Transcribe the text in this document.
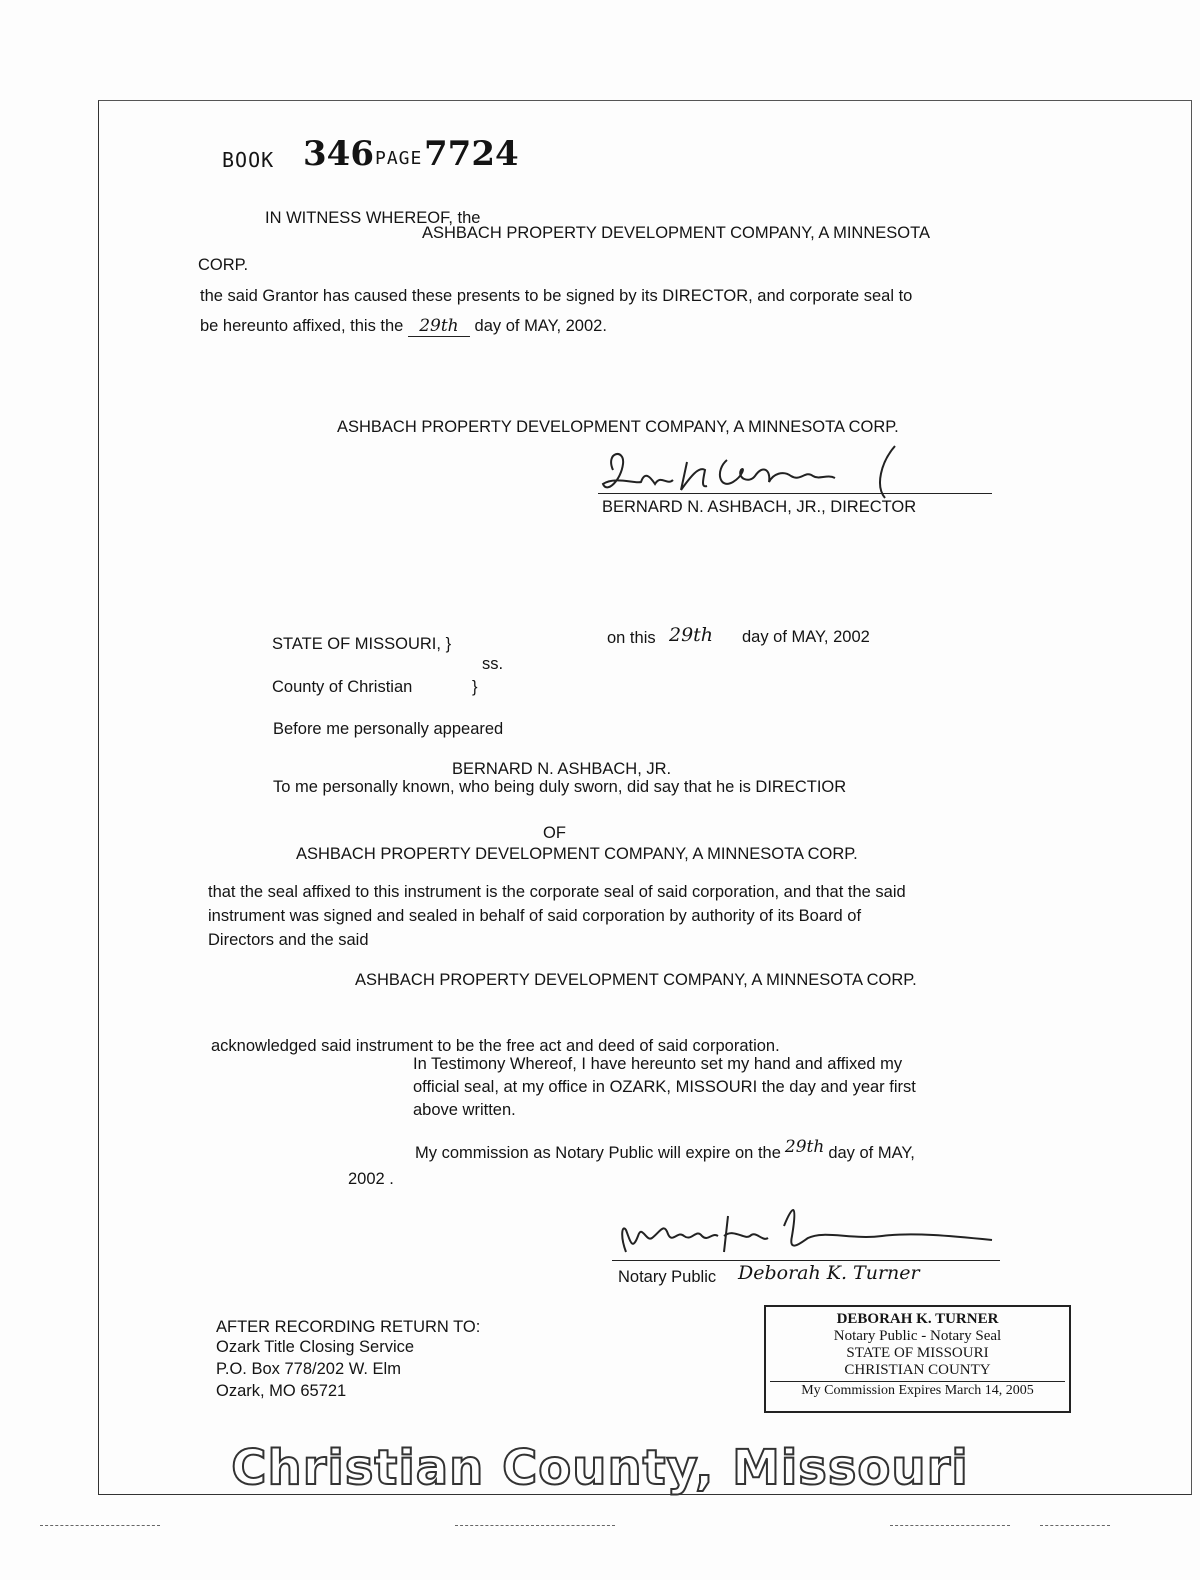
BOOK 346 PAGE 7724
IN WITNESS WHEREOF, the
ASHBACH PROPERTY DEVELOPMENT COMPANY, A MINNESOTA
CORP.
the said Grantor has caused these presents to be signed by its DIRECTOR, and corporate seal to
be hereunto affixed, this the 29th day of MAY, 2002.
ASHBACH PROPERTY DEVELOPMENT COMPANY, A MINNESOTA CORP.
BERNARD N. ASHBACH, JR., DIRECTOR
STATE OF MISSOURI, }	on this 29th day of MAY, 2002
ss.
County of Christian	}
Before me personally appeared
BERNARD N. ASHBACH, JR.
To me personally known, who being duly sworn, did say that he is DIRECTIOR
OF
ASHBACH PROPERTY DEVELOPMENT COMPANY, A MINNESOTA CORP.
that the seal affixed to this instrument is the corporate seal of said corporation, and that the said
instrument was signed and sealed in behalf of said corporation by authority of its Board of
Directors and the said
ASHBACH PROPERTY DEVELOPMENT COMPANY, A MINNESOTA CORP.
acknowledged said instrument to be the free act and deed of said corporation.
In Testimony Whereof, I have hereunto set my hand and affixed my
official seal, at my office in OZARK, MISSOURI the day and year first
above written.
My commission as Notary Public will expire on the 29th day of MAY,
2002 .
Notary Public Deborah K. Turner
AFTER RECORDING RETURN TO:
Ozark Title Closing Service
P.O. Box 778/202 W. Elm
Ozark, MO 65721
DEBORAH K. TURNER
Notary Public - Notary Seal
STATE OF MISSOURI
CHRISTIAN COUNTY
My Commission Expires March 14, 2005
Christian County, Missouri
